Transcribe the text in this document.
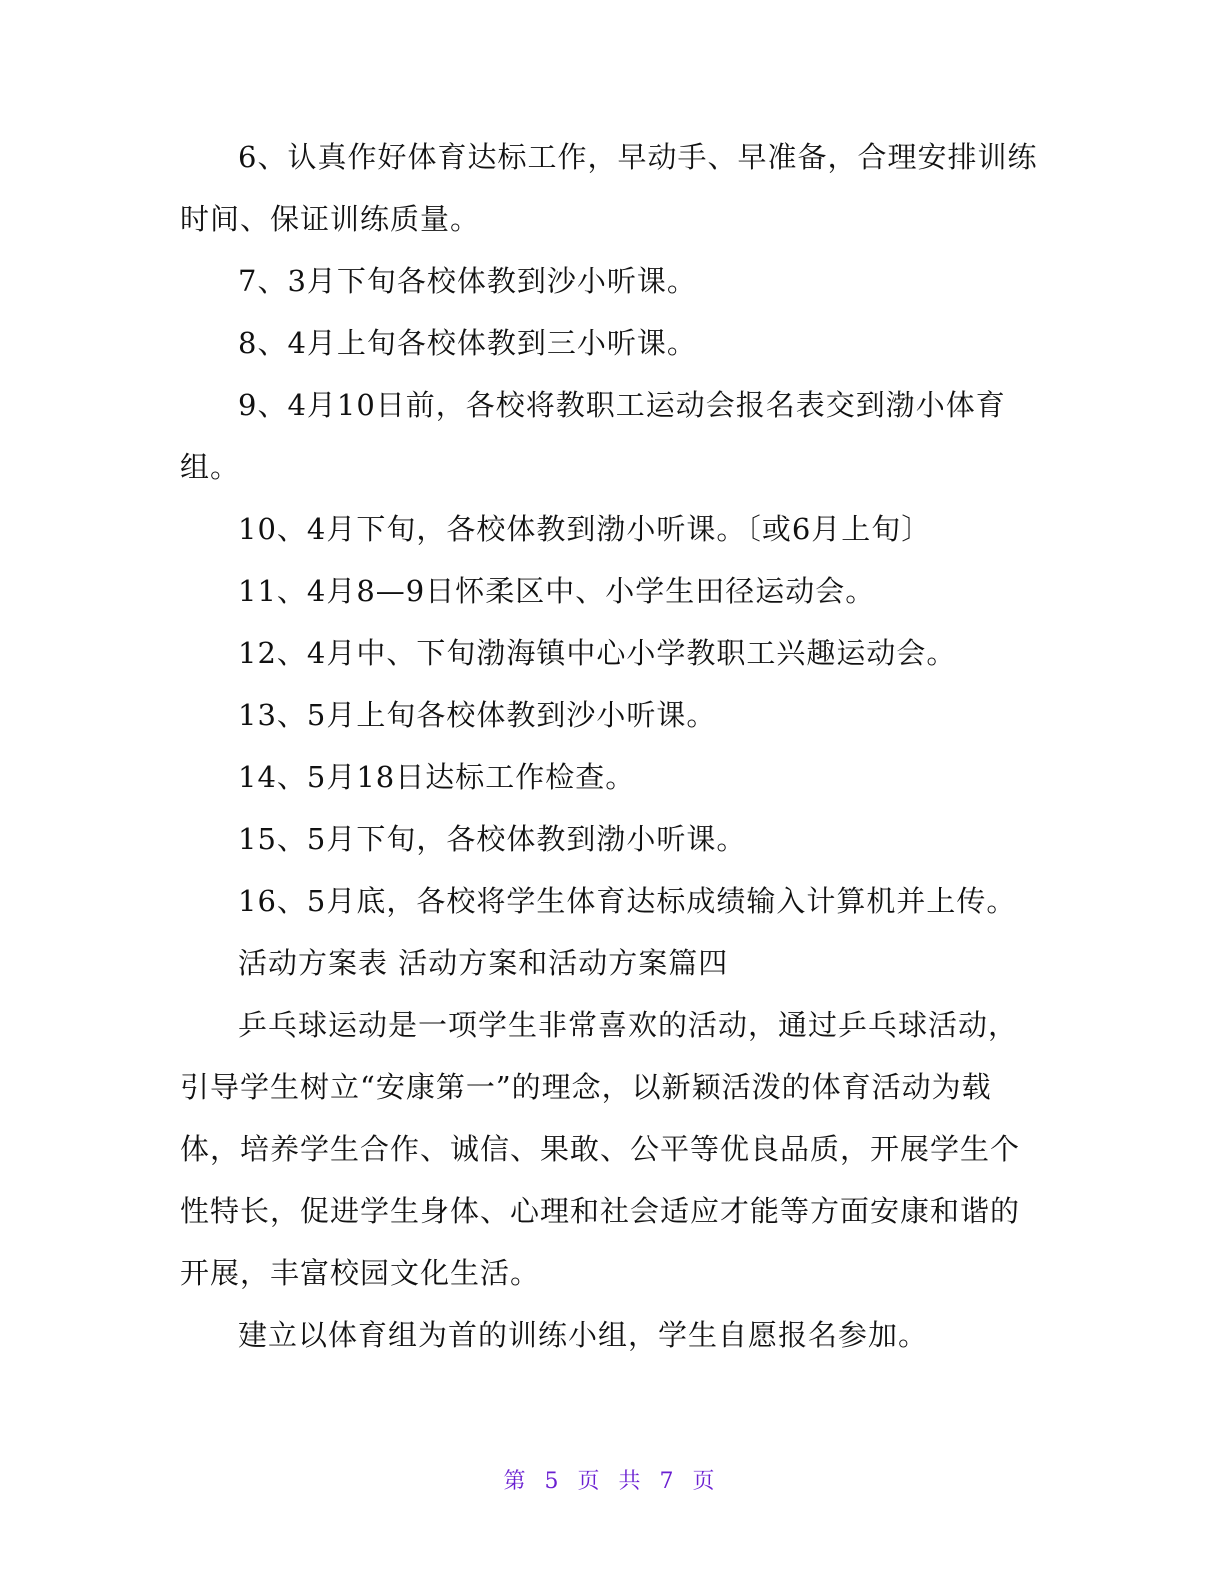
6、认真作好体育达标工作，早动手、早准备，合理安排训练时间、保证训练质量。

7、3月下旬各校体教到沙小听课。

8、4月上旬各校体教到三小听课。

9、4月10日前，各校将教职工运动会报名表交到渤小体育组。

10、4月下旬，各校体教到渤小听课。〔或6月上旬〕

11、4月8—9日怀柔区中、小学生田径运动会。

12、4月中、下旬渤海镇中心小学教职工兴趣运动会。

13、5月上旬各校体教到沙小听课。

14、5月18日达标工作检查。

15、5月下旬，各校体教到渤小听课。

16、5月底，各校将学生体育达标成绩输入计算机并上传。

活动方案表 活动方案和活动方案篇四

乒乓球运动是一项学生非常喜欢的活动，通过乒乓球活动，引导学生树立“安康第一”的理念，以新颖活泼的体育活动为载体，培养学生合作、诚信、果敢、公平等优良品质，开展学生个性特长，促进学生身体、心理和社会适应才能等方面安康和谐的开展，丰富校园文化生活。

建立以体育组为首的训练小组，学生自愿报名参加。

第 5 页 共 7 页
